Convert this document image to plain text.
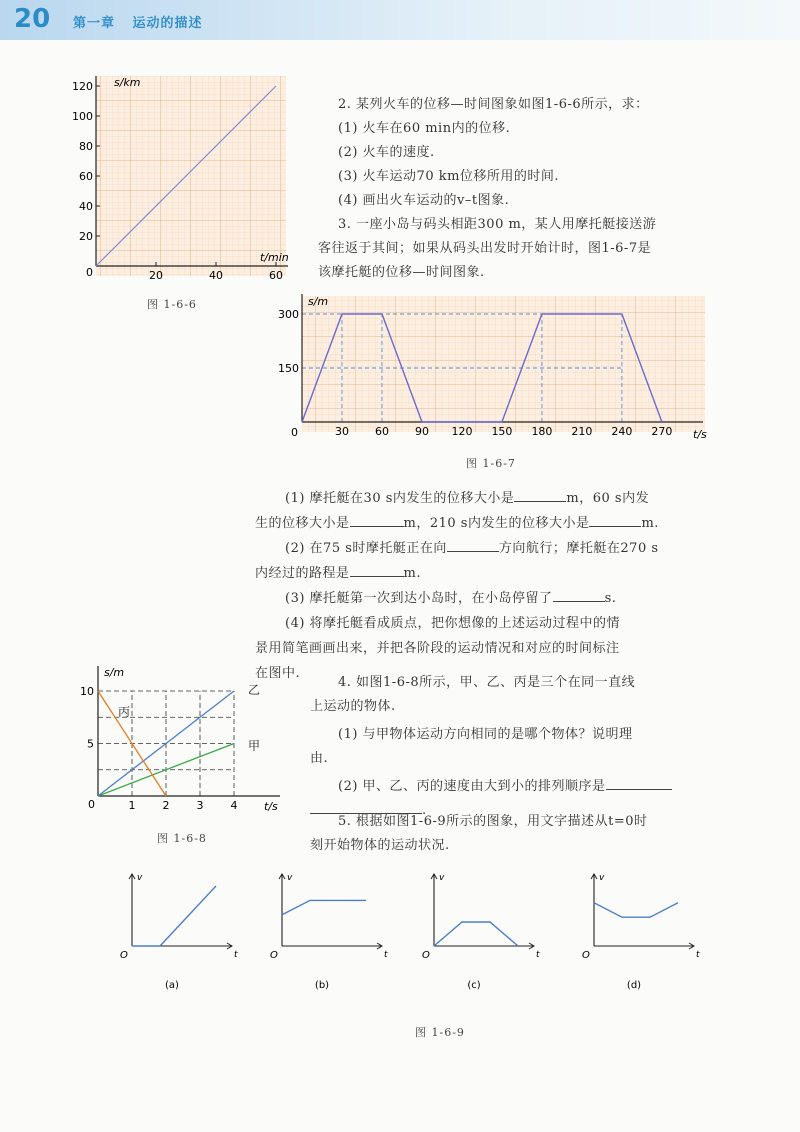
20 第一章 运动的描述
120
100
80
60
40
20
20	40	60
s/km
t/min
0
图 1-6-6

2. 某列火车的位移—时间图象如图1-6-6所示，求：

(1) 火车在60 min内的位移.

(2) 火车的速度.

(3) 火车运动70 km位移所用的时间.

(4) 画出火车运动的v–t图象.

3. 一座小岛与码头相距300 m，某人用摩托艇接送游

客往返于其间；如果从码头出发时开始计时，图1-6-7是

该摩托艇的位移—时间图象.

300
150
30 60 90 120 150 180 210 240 270
s/m
t/s
0
图 1-6-7

(1) 摩托艇在30 s内发生的位移大小是	m，60 s内发

生的位移大小是	m，210 s内发生的位移大小是	m.

(2) 在75 s时摩托艇正在向	方向航行；摩托艇在270 s

内经过的路程是	m.

(3) 摩托艇第一次到达小岛时，在小岛停留了	s.

(4) 将摩托艇看成质点，把你想像的上述运动过程中的情

景用简笔画画出来，并把各阶段的运动情况和对应的时间标注

在图中.

10
5
1 2 3 4
s/m
t/s
0
乙
甲
丙
图 1-6-8

4. 如图1-6-8所示，甲、乙、丙是三个在同一直线

上运动的物体.

(1) 与甲物体运动方向相同的是哪个物体？说明理

由.

(2) 甲、乙、丙的速度由大到小的排列顺序是

.

5. 根据如图1-6-9所示的图象，用文字描述从t=0时

刻开始物体的运动状况.

v
t
O
(a)
v
t
O
(b)
v
t
O
(c)
v
t
O
(d)
图 1-6-9
